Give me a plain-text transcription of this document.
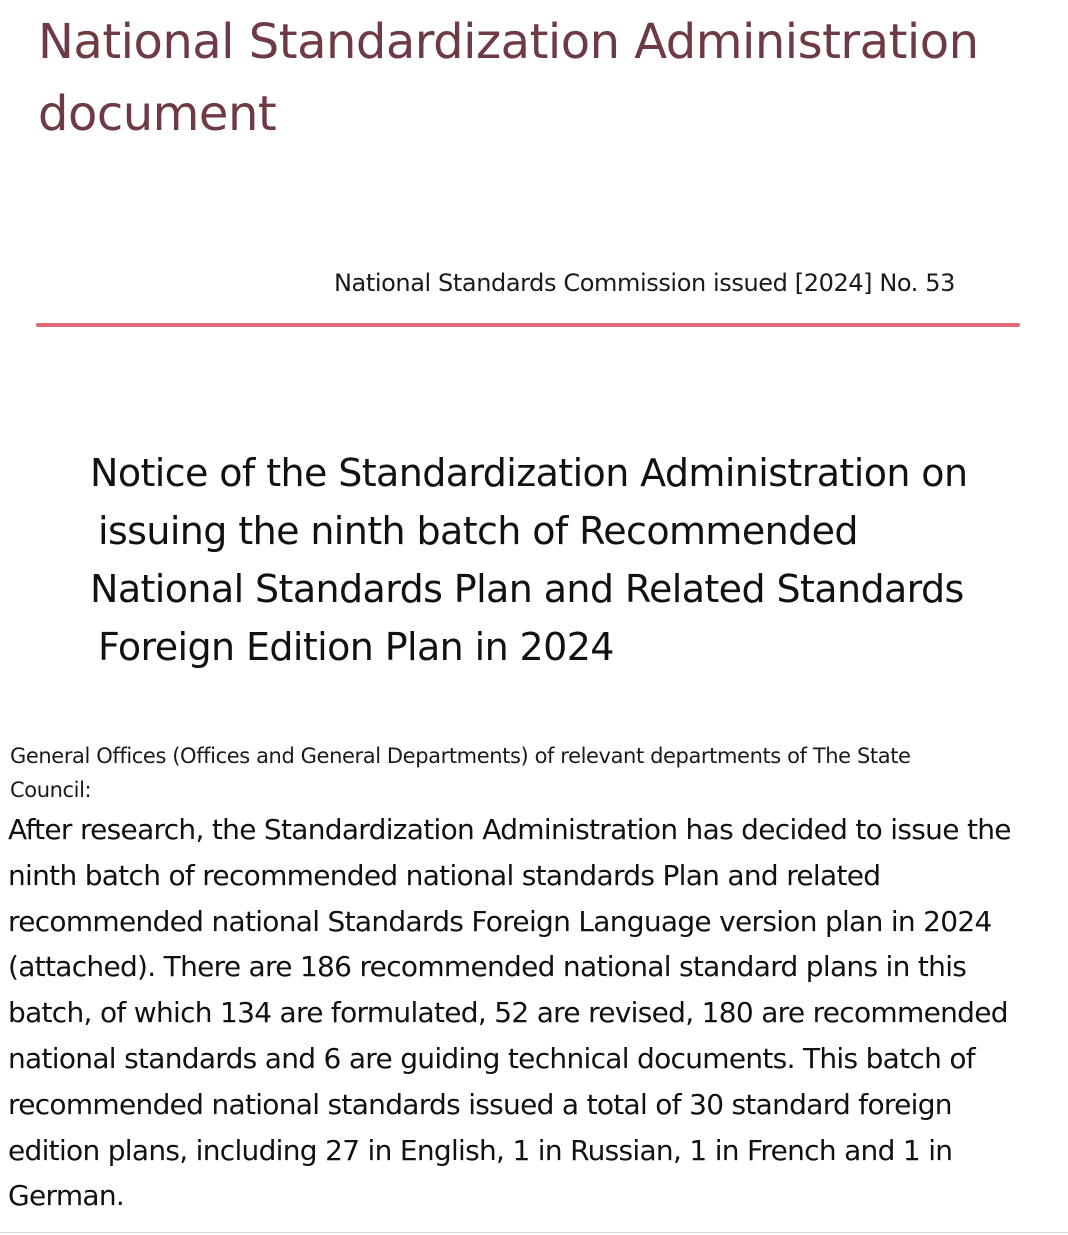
National Standardization Administration document
National Standards Commission issued [2024] No. 53
Notice of the Standardization Administration on
issuing the ninth batch of Recommended
National Standards Plan and Related Standards
Foreign Edition Plan in 2024
General Offices (Offices and General Departments) of relevant departments of The State Council:

After research, the Standardization Administration has decided to issue the ninth batch of recommended national standards Plan and related recommended national Standards Foreign Language version plan in 2024 (attached). There are 186 recommended national standard plans in this batch, of which 134 are formulated, 52 are revised, 180 are recommended national standards and 6 are guiding technical documents. This batch of recommended national standards issued a total of 30 standard foreign edition plans, including 27 in English, 1 in Russian, 1 in French and 1 in German.
